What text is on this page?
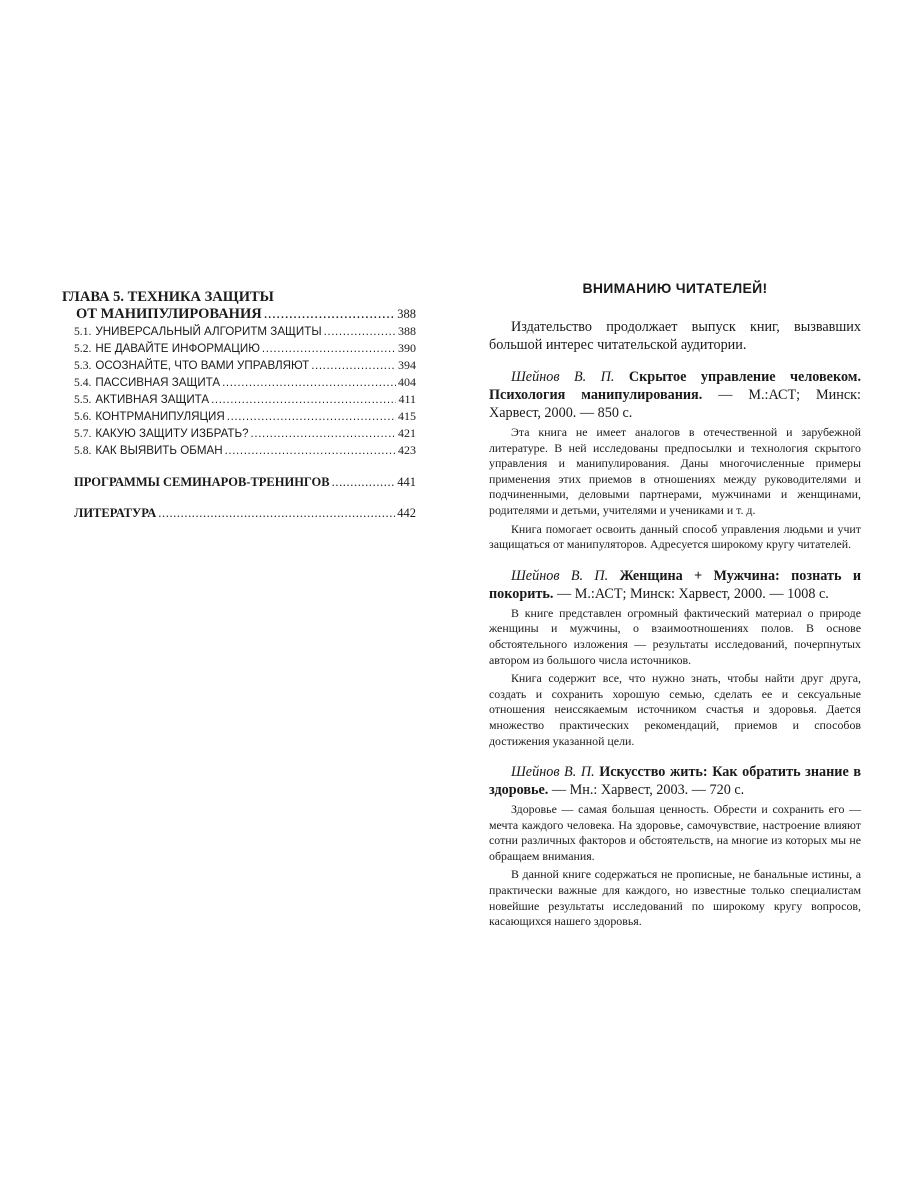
ГЛАВА 5. ТЕХНИКА ЗАЩИТЫ
ОТ МАНИПУЛИРОВАНИЯ .....	388
5.1. УНИВЕРСАЛЬНЫЙ АЛГОРИТМ ЗАЩИТЫ .....	388
5.2. НЕ ДАВАЙТЕ ИНФОРМАЦИЮ .....	390
5.3. ОСОЗНАЙТЕ, ЧТО ВАМИ УПРАВЛЯЮТ .....	394
5.4. ПАССИВНАЯ ЗАЩИТА .....	404
5.5. АКТИВНАЯ ЗАЩИТА .....	411
5.6. КОНТРМАНИПУЛЯЦИЯ .....	415
5.7. КАКУЮ ЗАЩИТУ ИЗБРАТЬ? .....	421
5.8. КАК ВЫЯВИТЬ ОБМАН .....	423
ПРОГРАММЫ СЕМИНАРОВ-ТРЕНИНГОВ .....	441
ЛИТЕРАТУРА .....	442
ВНИМАНИЮ ЧИТАТЕЛЕЙ!

Издательство продолжает выпуск книг, вызвавших большой интерес читательской аудитории.

Шейнов В. П. Скрытое управление человеком. Психология манипулирования. — М.:АСТ; Минск: Харвест, 2000. — 850 с.

Эта книга не имеет аналогов в отечественной и зарубежной литературе. В ней исследованы предпосылки и технология скрытого управления и манипулирования. Даны многочисленные примеры применения этих приемов в отношениях между руководителями и подчиненными, деловыми партнерами, мужчинами и женщинами, родителями и детьми, учителями и учениками и т. д.

Книга помогает освоить данный способ управления людьми и учит защищаться от манипуляторов. Адресуется широкому кругу читателей.

Шейнов В. П. Женщина + Мужчина: познать и покорить. — М.:АСТ; Минск: Харвест, 2000. — 1008 с.

В книге представлен огромный фактический материал о природе женщины и мужчины, о взаимоотношениях полов. В основе обстоятельного изложения — результаты исследований, почерпнутых автором из большого числа источников.

Книга содержит все, что нужно знать, чтобы найти друг друга, создать и сохранить хорошую семью, сделать ее и сексуальные отношения неиссякаемым источником счастья и здоровья. Дается множество практических рекомендаций, приемов и способов достижения указанной цели.

Шейнов В. П. Искусство жить: Как обратить знание в здоровье. — Мн.: Харвест, 2003. — 720 с.

Здоровье — самая большая ценность. Обрести и сохранить его — мечта каждого человека. На здоровье, самочувствие, настроение влияют сотни различных факторов и обстоятельств, на многие из которых мы не обращаем внимания.

В данной книге содержаться не прописные, не банальные истины, а практически важные для каждого, но известные только специалистам новейшие результаты исследований по широкому кругу вопросов, касающихся нашего здоровья.
